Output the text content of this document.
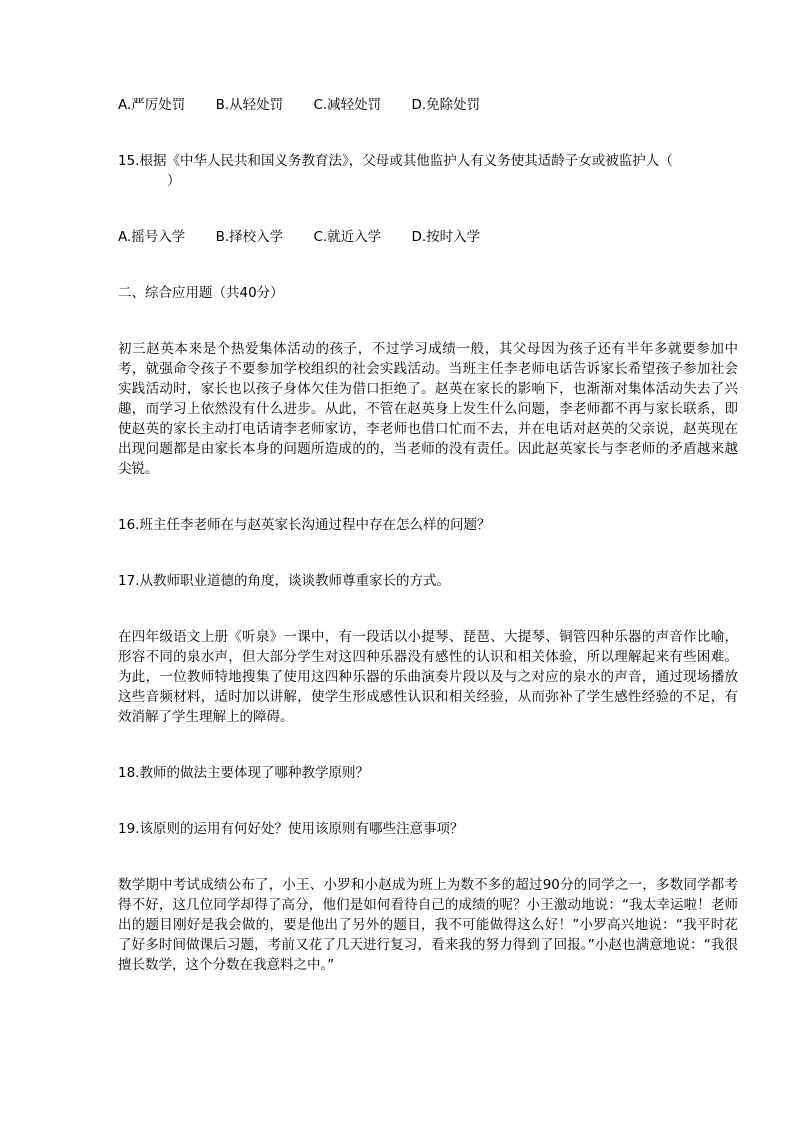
A.严厉处罚 B.从轻处罚 C.减轻处罚 D.免除处罚
15.根据《中华人民共和国义务教育法》，父母或其他监护人有义务使其适龄子女或被监护人（
）
A.摇号入学 B.择校入学 C.就近入学 D.按时入学
二、综合应用题（共40分）
初三赵英本来是个热爱集体活动的孩子，不过学习成绩一般，其父母因为孩子还有半年多就要参加中考，就强命令孩子不要参加学校组织的社会实践活动。当班主任李老师电话告诉家长希望孩子参加社会实践活动时，家长也以孩子身体欠佳为借口拒绝了。赵英在家长的影响下，也渐渐对集体活动失去了兴趣，而学习上依然没有什么进步。从此，不管在赵英身上发生什么问题，李老师都不再与家长联系，即使赵英的家长主动打电话请李老师家访，李老师也借口忙而不去，并在电话对赵英的父亲说，赵英现在出现问题都是由家长本身的问题所造成的的，当老师的没有责任。因此赵英家长与李老师的矛盾越来越尖锐。
16.班主任李老师在与赵英家长沟通过程中存在怎么样的问题？
17.从教师职业道德的角度，谈谈教师尊重家长的方式。
在四年级语文上册《听泉》一课中，有一段话以小提琴、琵琶、大提琴、铜管四种乐器的声音作比喻，形容不同的泉水声，但大部分学生对这四种乐器没有感性的认识和相关体验，所以理解起来有些困难。为此，一位教师特地搜集了使用这四种乐器的乐曲演奏片段以及与之对应的泉水的声音，通过现场播放这些音频材料，适时加以讲解，使学生形成感性认识和相关经验，从而弥补了学生感性经验的不足，有效消解了学生理解上的障碍。
18.教师的做法主要体现了哪种教学原则？
19.该原则的运用有何好处？使用该原则有哪些注意事项？
数学期中考试成绩公布了，小王、小罗和小赵成为班上为数不多的超过90分的同学之一，多数同学都考得不好，这几位同学却得了高分，他们是如何看待自己的成绩的呢？小王激动地说：“我太幸运啦！老师出的题目刚好是我会做的，要是他出了另外的题目，我不可能做得这么好！”小罗高兴地说：“我平时花了好多时间做课后习题，考前又花了几天进行复习，看来我的努力得到了回报。”小赵也满意地说：“我很擅长数学，这个分数在我意料之中。”
